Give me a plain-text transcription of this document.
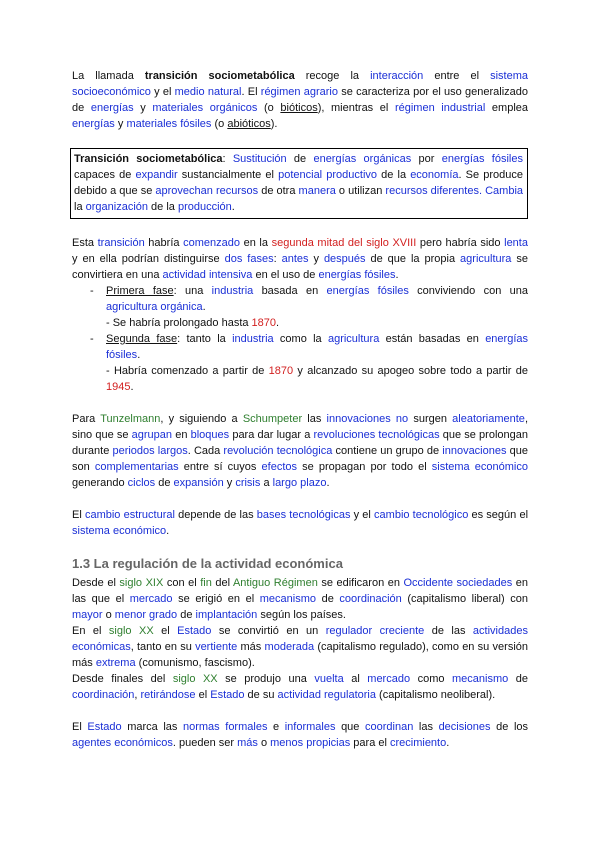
La llamada transición sociometabólica recoge la interacción entre el sistema socioeconómico y el medio natural. El régimen agrario se caracteriza por el uso generalizado de energías y materiales orgánicos (o bióticos), mientras el régimen industrial emplea energías y materiales fósiles (o abióticos).

Transición sociometabólica: Sustitución de energías orgánicas por energías fósiles capaces de expandir sustancialmente el potencial productivo de la economía. Se produce debido a que se aprovechan recursos de otra manera o utilizan recursos diferentes. Cambia la organización de la producción.

Esta transición habría comenzado en la segunda mitad del siglo XVIII pero habría sido lenta y en ella podrían distinguirse dos fases: antes y después de que la propia agricultura se convirtiera en una actividad intensiva en el uso de energías fósiles.

- Primera fase: una industria basada en energías fósiles conviviendo con una agricultura orgánica.
- Se habría prolongado hasta 1870.
- Segunda fase: tanto la industria como la agricultura están basadas en energías fósiles.
- Habría comenzado a partir de 1870 y alcanzado su apogeo sobre todo a partir de 1945.

Para Tunzelmann, y siguiendo a Schumpeter las innovaciones no surgen aleatoriamente, sino que se agrupan en bloques para dar lugar a revoluciones tecnológicas que se prolongan durante periodos largos. Cada revolución tecnológica contiene un grupo de innovaciones que son complementarias entre sí cuyos efectos se propagan por todo el sistema económico generando ciclos de expansión y crisis a largo plazo.

El cambio estructural depende de las bases tecnológicas y el cambio tecnológico es según el sistema económico.

1.3 La regulación de la actividad económica

Desde el siglo XIX con el fin del Antiguo Régimen se edificaron en Occidente sociedades en las que el mercado se erigió en el mecanismo de coordinación (capitalismo liberal) con mayor o menor grado de implantación según los países.

En el siglo XX el Estado se convirtió en un regulador creciente de las actividades económicas, tanto en su vertiente más moderada (capitalismo regulado), como en su versión más extrema (comunismo, fascismo).

Desde finales del siglo XX se produjo una vuelta al mercado como mecanismo de coordinación, retirándose el Estado de su actividad regulatoria (capitalismo neoliberal).

El Estado marca las normas formales e informales que coordinan las decisiones de los agentes económicos. pueden ser más o menos propicias para el crecimiento.
